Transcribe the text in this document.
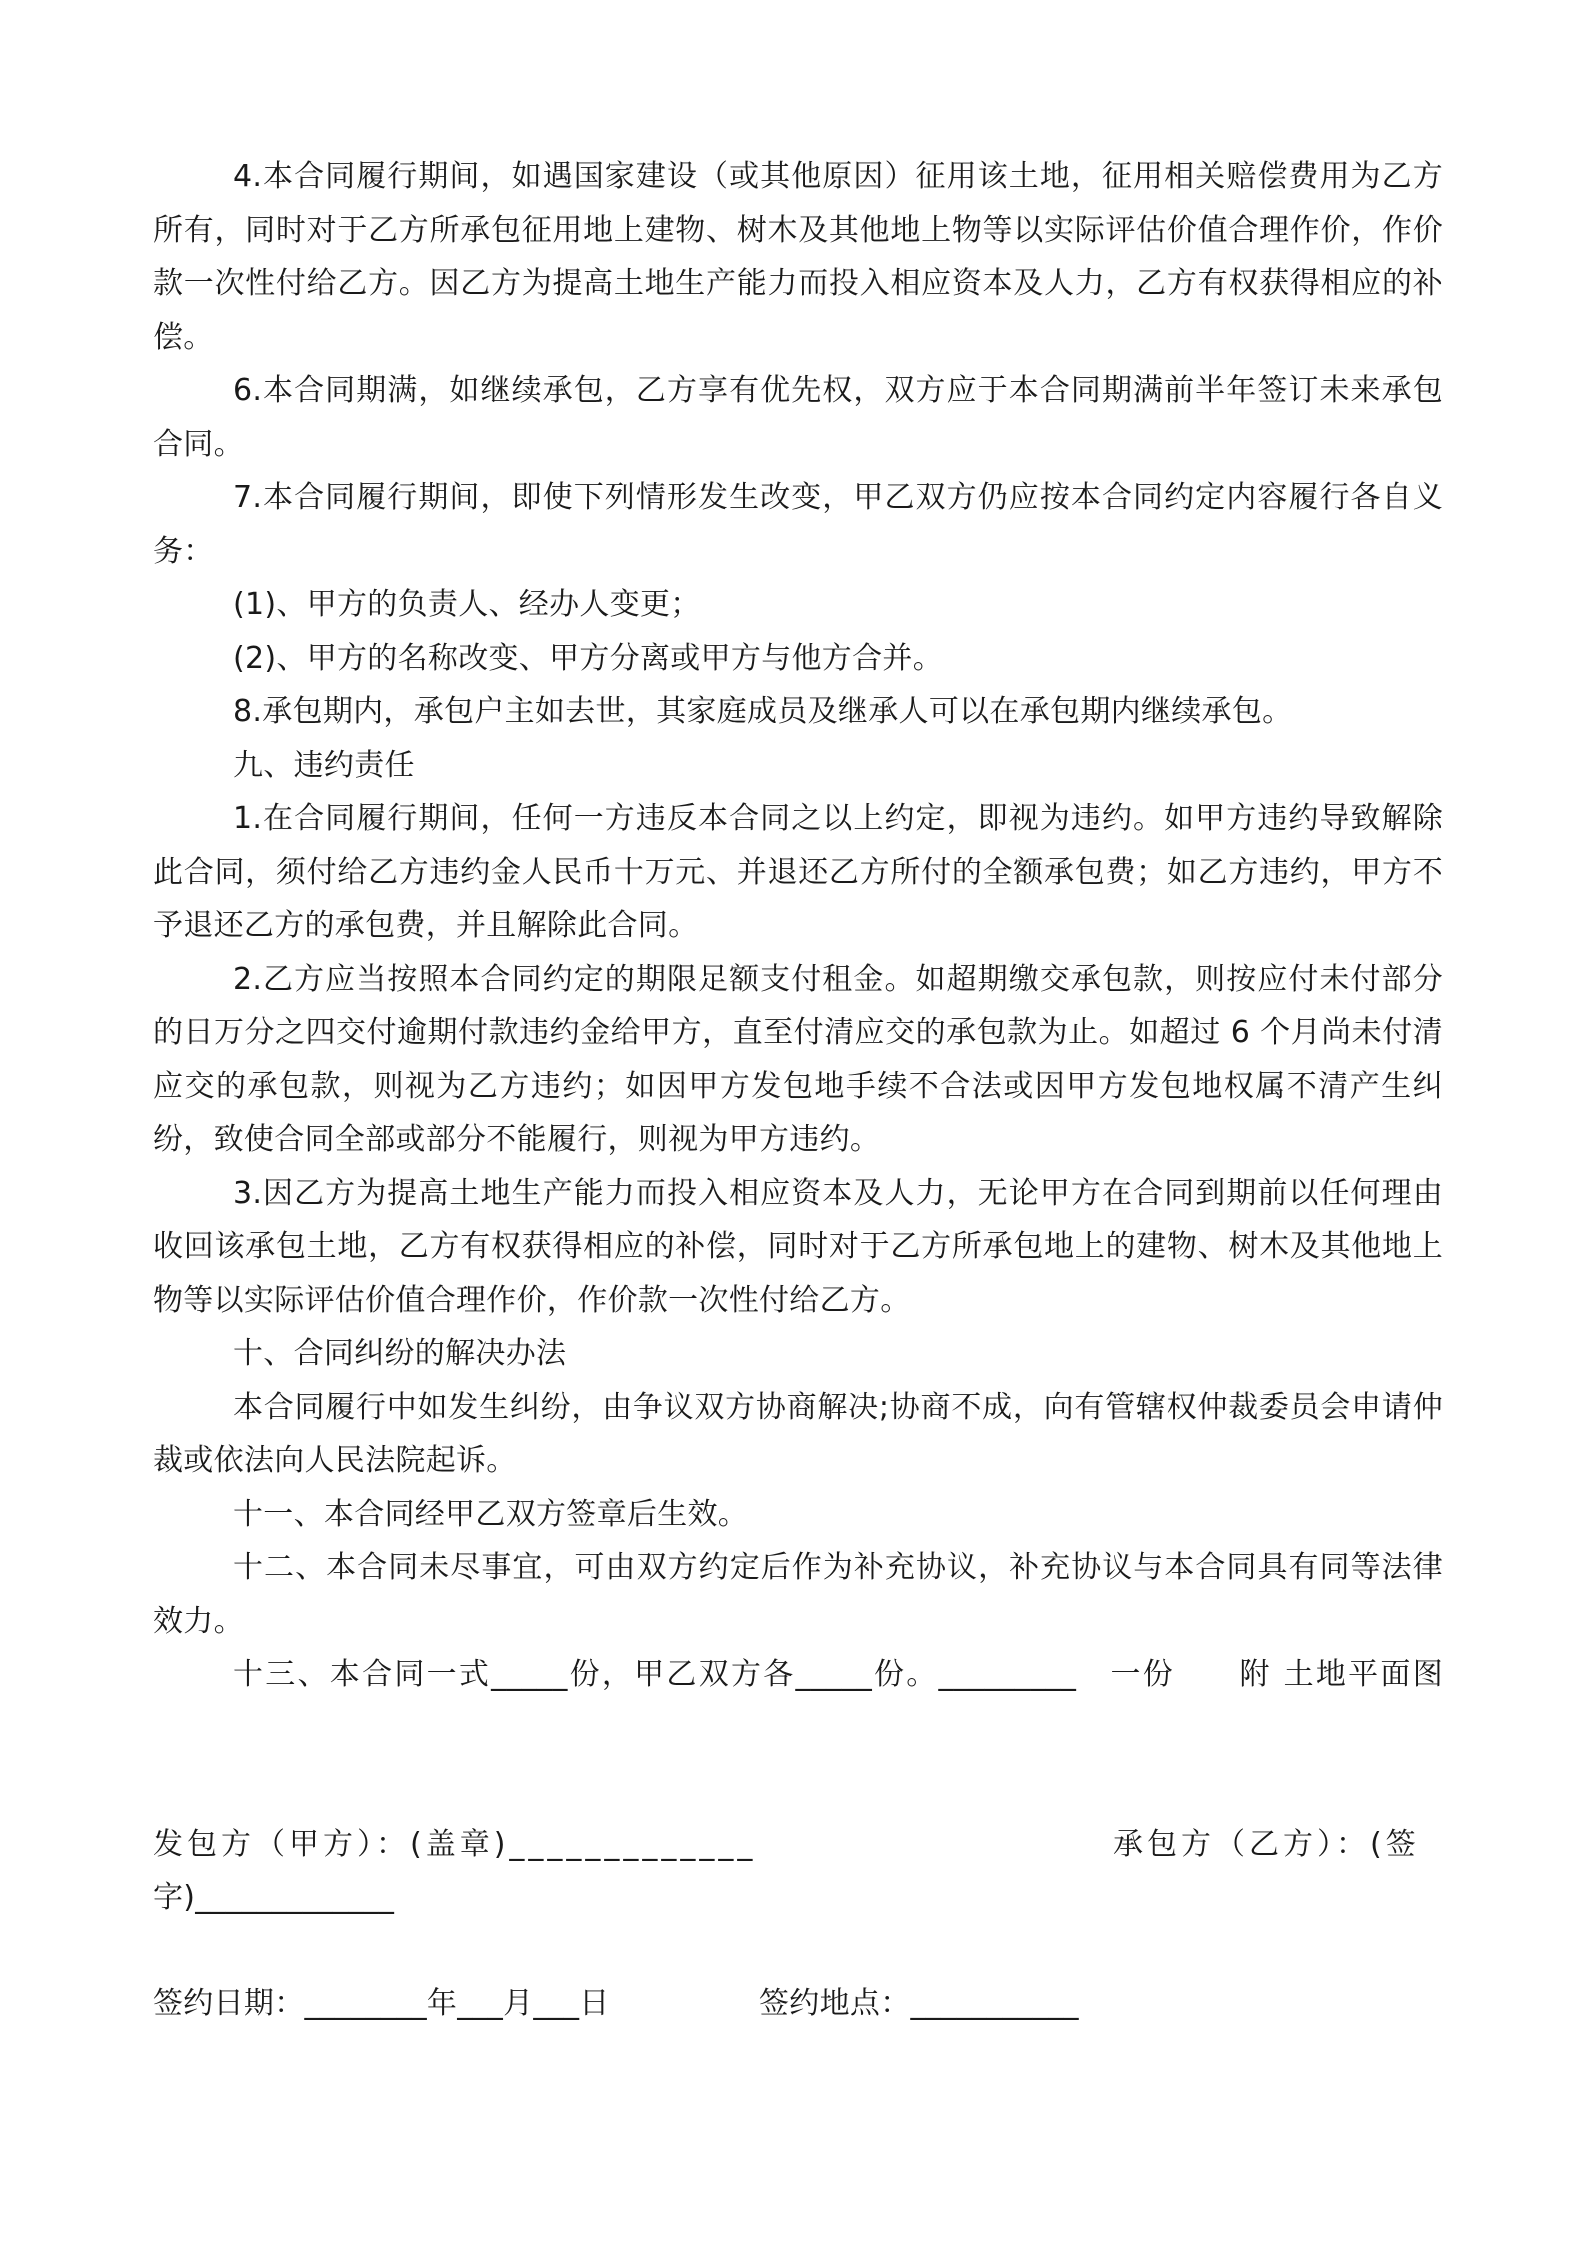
4.本合同履行期间，如遇国家建设（或其他原因）征用该土地，征用相关赔偿费用为乙方所有，同时对于乙方所承包征用地上建物、树木及其他地上物等以实际评估价值合理作价，作价款一次性付给乙方。因乙方为提高土地生产能力而投入相应资本及人力，乙方有权获得相应的补偿。

6.本合同期满，如继续承包，乙方享有优先权，双方应于本合同期满前半年签订未来承包合同。

7.本合同履行期间，即使下列情形发生改变，甲乙双方仍应按本合同约定内容履行各自义务：

(1)、甲方的负责人、经办人变更；

(2)、甲方的名称改变、甲方分离或甲方与他方合并。

8.承包期内，承包户主如去世，其家庭成员及继承人可以在承包期内继续承包。

九、违约责任

1.在合同履行期间，任何一方违反本合同之以上约定，即视为违约。如甲方违约导致解除此合同，须付给乙方违约金人民币十万元、并退还乙方所付的全额承包费；如乙方违约，甲方不予退还乙方的承包费，并且解除此合同。

2.乙方应当按照本合同约定的期限足额支付租金。如超期缴交承包款，则按应付未付部分的日万分之四交付逾期付款违约金给甲方，直至付清应交的承包款为止。如超过 6 个月尚未付清应交的承包款，则视为乙方违约；如因甲方发包地手续不合法或因甲方发包地权属不清产生纠纷，致使合同全部或部分不能履行，则视为甲方违约。

3.因乙方为提高土地生产能力而投入相应资本及人力，无论甲方在合同到期前以任何理由收回该承包土地，乙方有权获得相应的补偿，同时对于乙方所承包地上的建物、树木及其他地上物等以实际评估价值合理作价，作价款一次性付给乙方。

十、合同纠纷的解决办法

本合同履行中如发生纠纷，由争议双方协商解决;协商不成，向有管辖权仲裁委员会申请仲裁或依法向人民法院起诉。

十一、本合同经甲乙双方签章后生效。

十二、本合同未尽事宜，可由双方约定后作为补充协议，补充协议与本合同具有同等法律效力。

十三、本合同一式_____份，甲乙双方各_____份。_________　一份　　附 土地平面图

发包方（甲方）：(盖章)_____________	承包方（乙方）：(签
字)_____________
签约日期：________年___月___日	签约地点：___________
